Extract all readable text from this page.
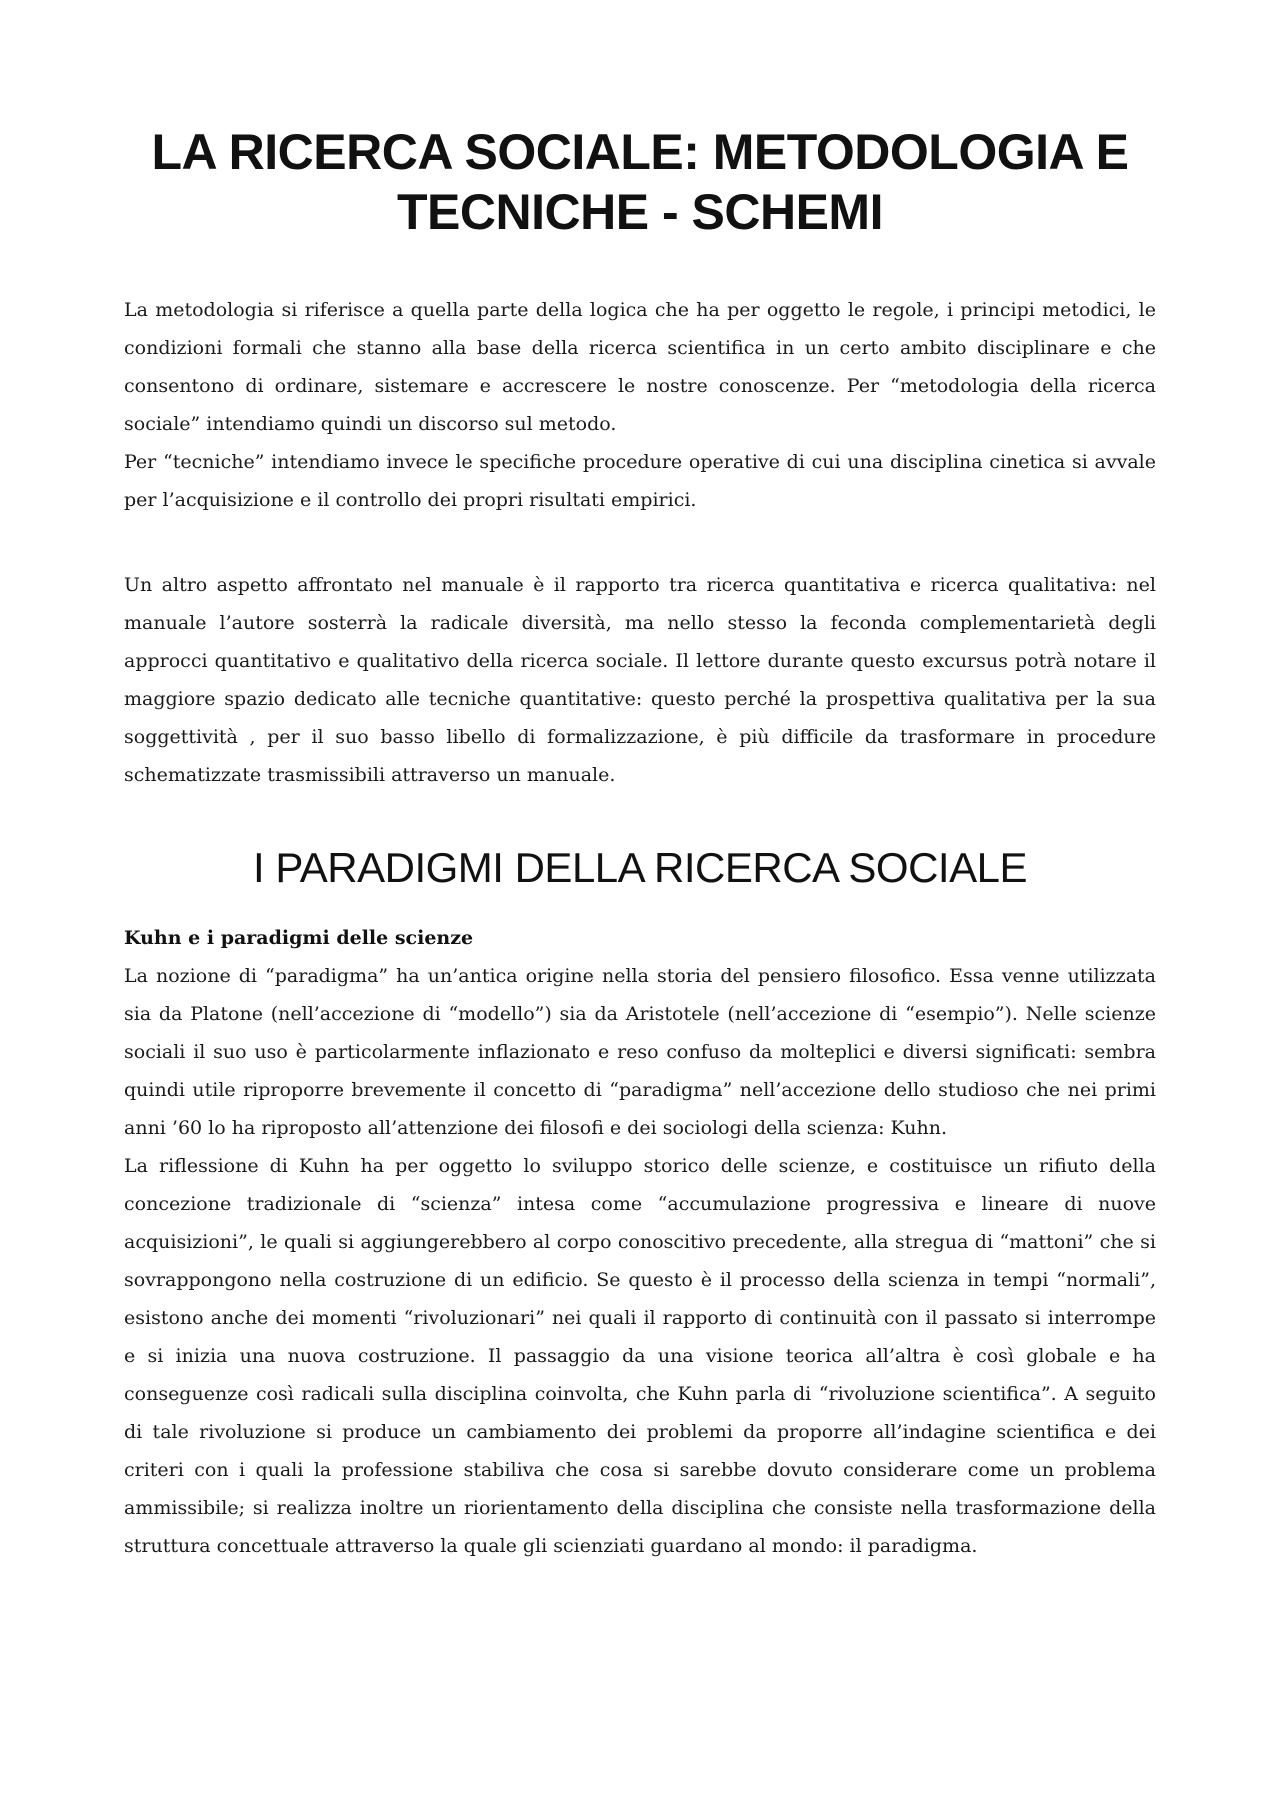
LA RICERCA SOCIALE: METODOLOGIA E
TECNICHE - SCHEMI

La metodologia si riferisce a quella parte della logica che ha per oggetto le regole, i principi metodici, le condizioni formali che stanno alla base della ricerca scientifica in un certo ambito disciplinare e che consentono di ordinare, sistemare e accrescere le nostre conoscenze. Per “metodologia della ricerca sociale” intendiamo quindi un discorso sul metodo.

Per “tecniche” intendiamo invece le specifiche procedure operative di cui una disciplina cinetica si avvale per l’acquisizione e il controllo dei propri risultati empirici.

Un altro aspetto affrontato nel manuale è il rapporto tra ricerca quantitativa e ricerca qualitativa: nel manuale l’autore sosterrà la radicale diversità, ma nello stesso la feconda complementarietà degli approcci quantitativo e qualitativo della ricerca sociale. Il lettore durante questo excursus potrà notare il maggiore spazio dedicato alle tecniche quantitative: questo perché la prospettiva qualitativa per la sua soggettività , per il suo basso libello di formalizzazione, è più difficile da trasformare in procedure schematizzate trasmissibili attraverso un manuale.

I PARADIGMI DELLA RICERCA SOCIALE
Kuhn e i paradigmi delle scienze

La nozione di “paradigma” ha un’antica origine nella storia del pensiero filosofico. Essa venne utilizzata sia da Platone (nell’accezione di “modello”) sia da Aristotele (nell’accezione di “esempio”). Nelle scienze sociali il suo uso è particolarmente inflazionato e reso confuso da molteplici e diversi significati: sembra quindi utile riproporre brevemente il concetto di “paradigma” nell’accezione dello studioso che nei primi anni ’60 lo ha riproposto all’attenzione dei filosofi e dei sociologi della scienza: Kuhn.

La riflessione di Kuhn ha per oggetto lo sviluppo storico delle scienze, e costituisce un rifiuto della concezione tradizionale di “scienza” intesa come “accumulazione progressiva e lineare di nuove acquisizioni”, le quali si aggiungerebbero al corpo conoscitivo precedente, alla stregua di “mattoni” che si sovrappongono nella costruzione di un edificio. Se questo è il processo della scienza in tempi “normali”, esistono anche dei momenti “rivoluzionari” nei quali il rapporto di continuità con il passato si interrompe e si inizia una nuova costruzione. Il passaggio da una visione teorica all’altra è così globale e ha conseguenze così radicali sulla disciplina coinvolta, che Kuhn parla di “rivoluzione scientifica”. A seguito di tale rivoluzione si produce un cambiamento dei problemi da proporre all’indagine scientifica e dei criteri con i quali la professione stabiliva che cosa si sarebbe dovuto considerare come un problema ammissibile; si realizza inoltre un riorientamento della disciplina che consiste nella trasformazione della struttura concettuale attraverso la quale gli scienziati guardano al mondo: il paradigma.
